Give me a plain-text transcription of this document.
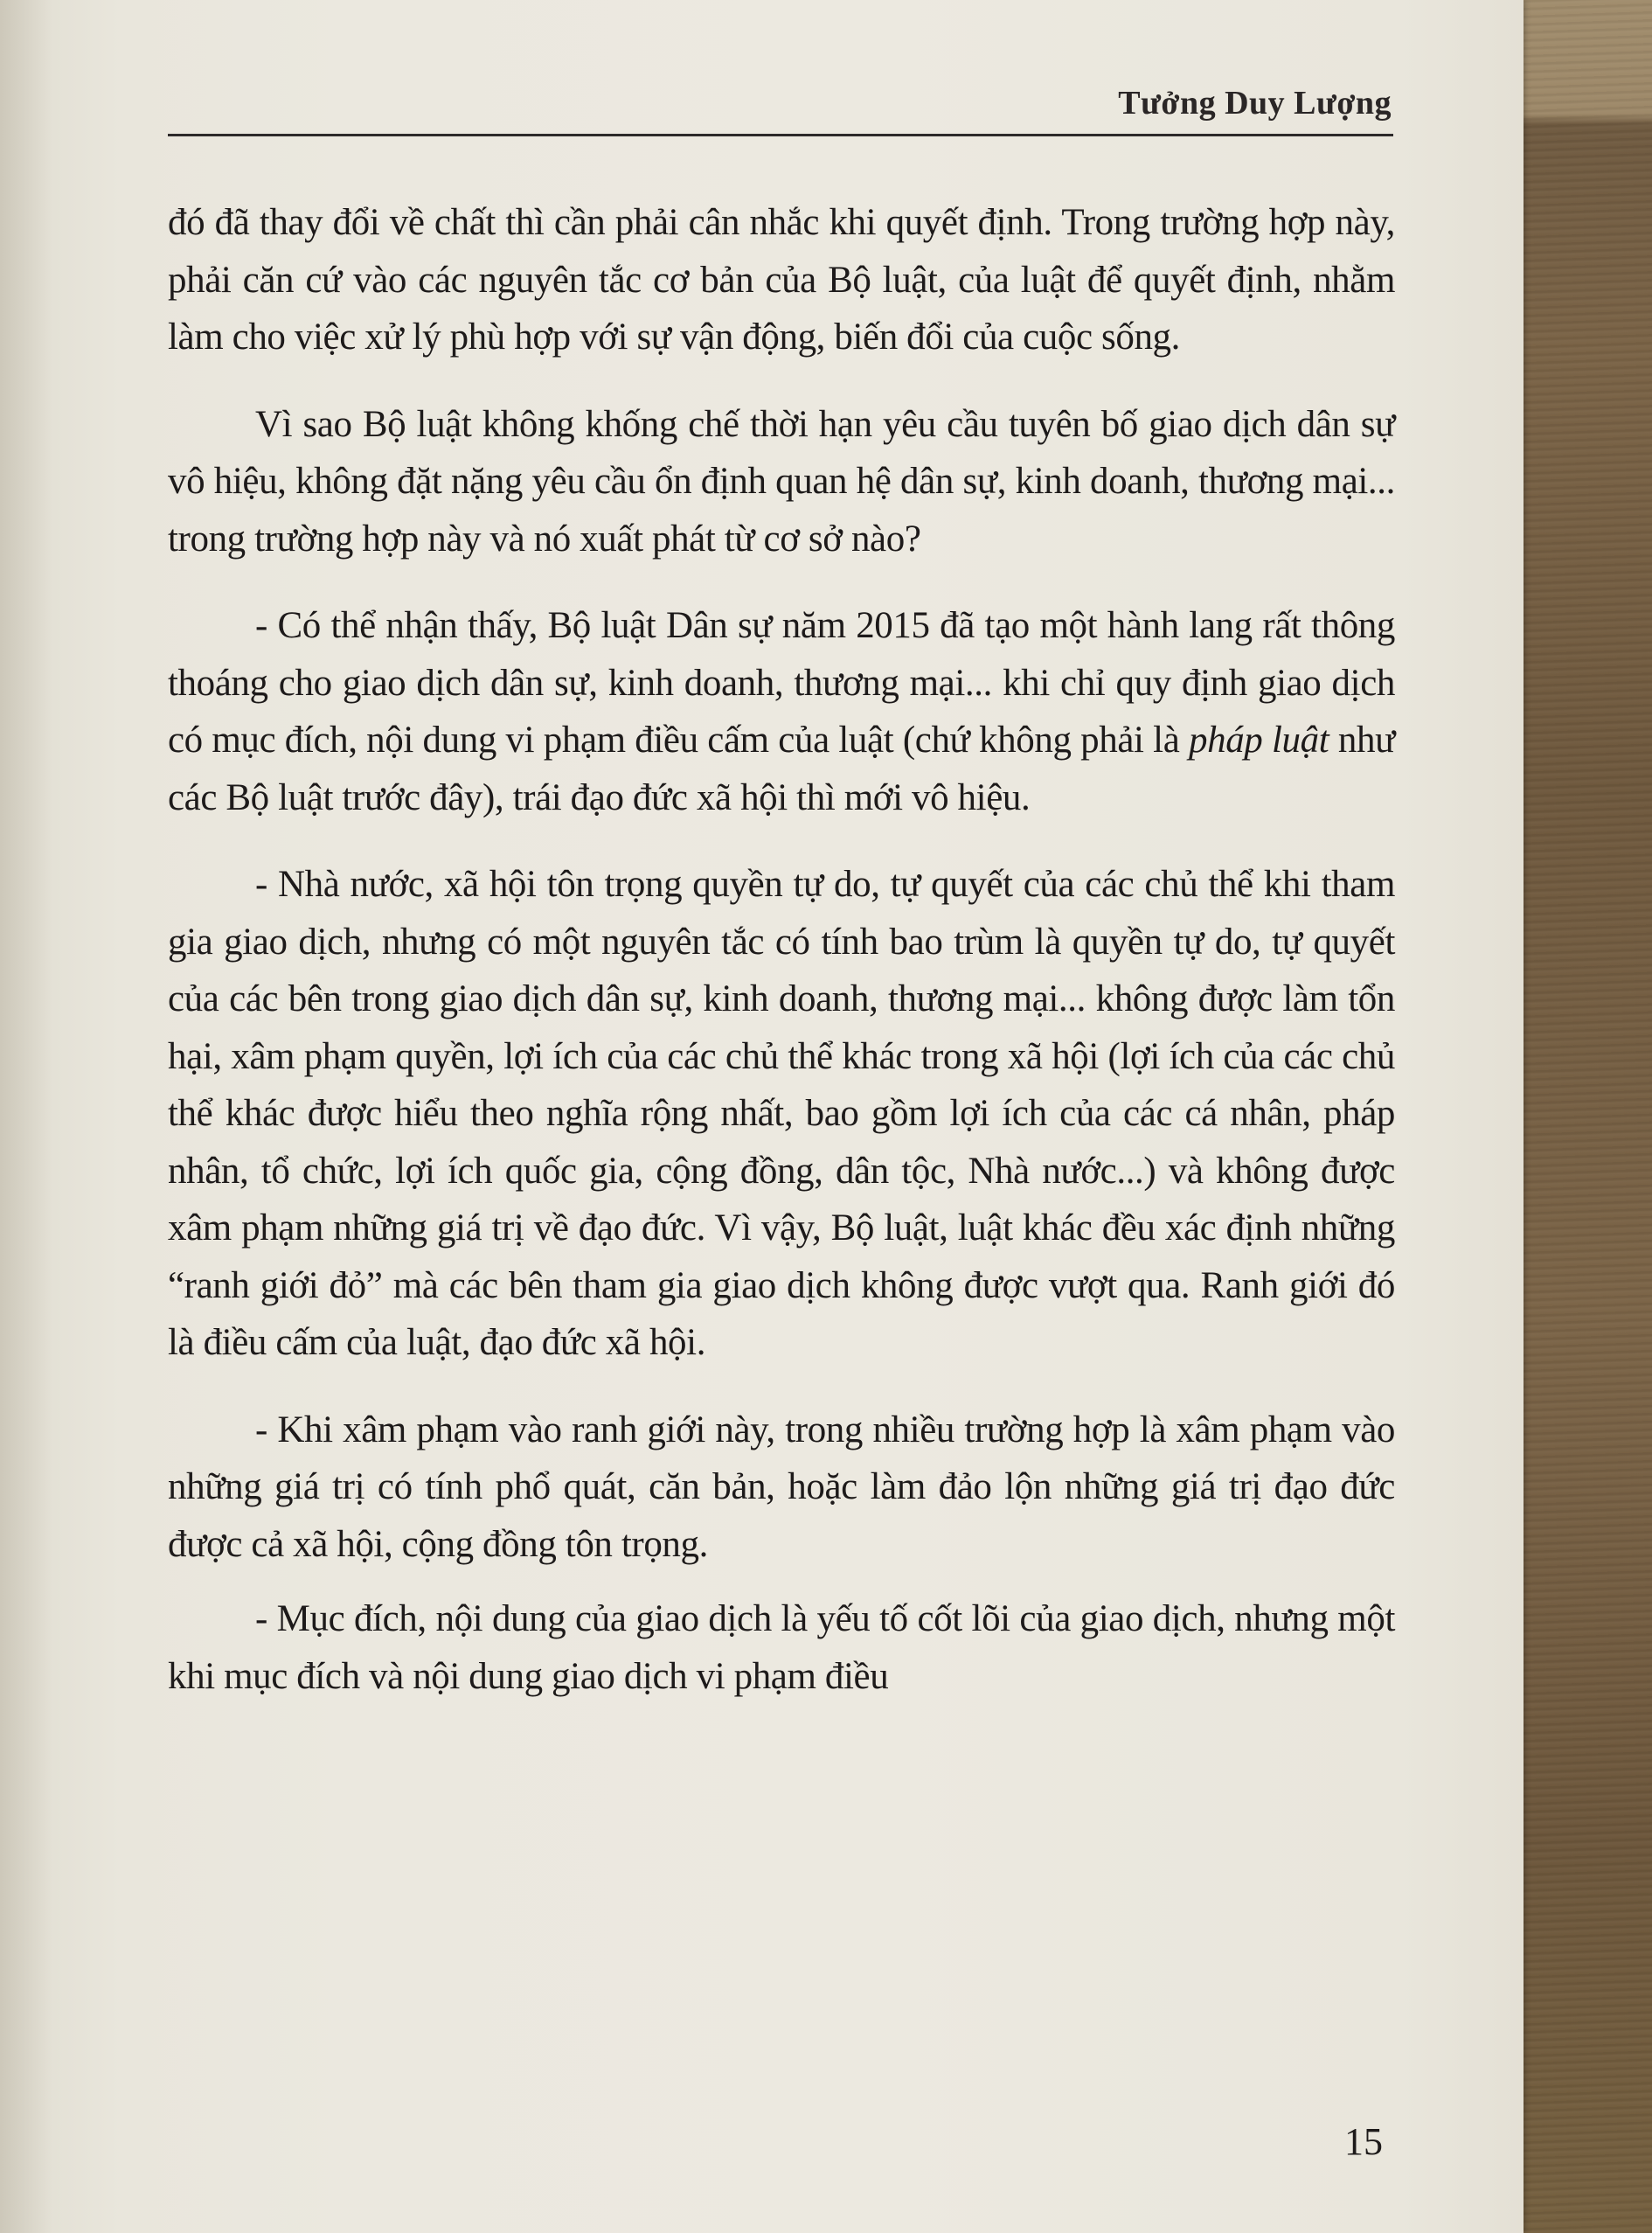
Tưởng Duy Lượng

đó đã thay đổi về chất thì cần phải cân nhắc khi quyết định. Trong trường hợp này, phải căn cứ vào các nguyên tắc cơ bản của Bộ luật, của luật để quyết định, nhằm làm cho việc xử lý phù hợp với sự vận động, biến đổi của cuộc sống.

Vì sao Bộ luật không khống chế thời hạn yêu cầu tuyên bố giao dịch dân sự vô hiệu, không đặt nặng yêu cầu ổn định quan hệ dân sự, kinh doanh, thương mại... trong trường hợp này và nó xuất phát từ cơ sở nào?

- Có thể nhận thấy, Bộ luật Dân sự năm 2015 đã tạo một hành lang rất thông thoáng cho giao dịch dân sự, kinh doanh, thương mại... khi chỉ quy định giao dịch có mục đích, nội dung vi phạm điều cấm của luật (chứ không phải là pháp luật như các Bộ luật trước đây), trái đạo đức xã hội thì mới vô hiệu.

- Nhà nước, xã hội tôn trọng quyền tự do, tự quyết của các chủ thể khi tham gia giao dịch, nhưng có một nguyên tắc có tính bao trùm là quyền tự do, tự quyết của các bên trong giao dịch dân sự, kinh doanh, thương mại... không được làm tổn hại, xâm phạm quyền, lợi ích của các chủ thể khác trong xã hội (lợi ích của các chủ thể khác được hiểu theo nghĩa rộng nhất, bao gồm lợi ích của các cá nhân, pháp nhân, tổ chức, lợi ích quốc gia, cộng đồng, dân tộc, Nhà nước...) và không được xâm phạm những giá trị về đạo đức. Vì vậy, Bộ luật, luật khác đều xác định những “ranh giới đỏ” mà các bên tham gia giao dịch không được vượt qua. Ranh giới đó là điều cấm của luật, đạo đức xã hội.

- Khi xâm phạm vào ranh giới này, trong nhiều trường hợp là xâm phạm vào những giá trị có tính phổ quát, căn bản, hoặc làm đảo lộn những giá trị đạo đức được cả xã hội, cộng đồng tôn trọng.

- Mục đích, nội dung của giao dịch là yếu tố cốt lõi của giao dịch, nhưng một khi mục đích và nội dung giao dịch vi phạm điều

15
